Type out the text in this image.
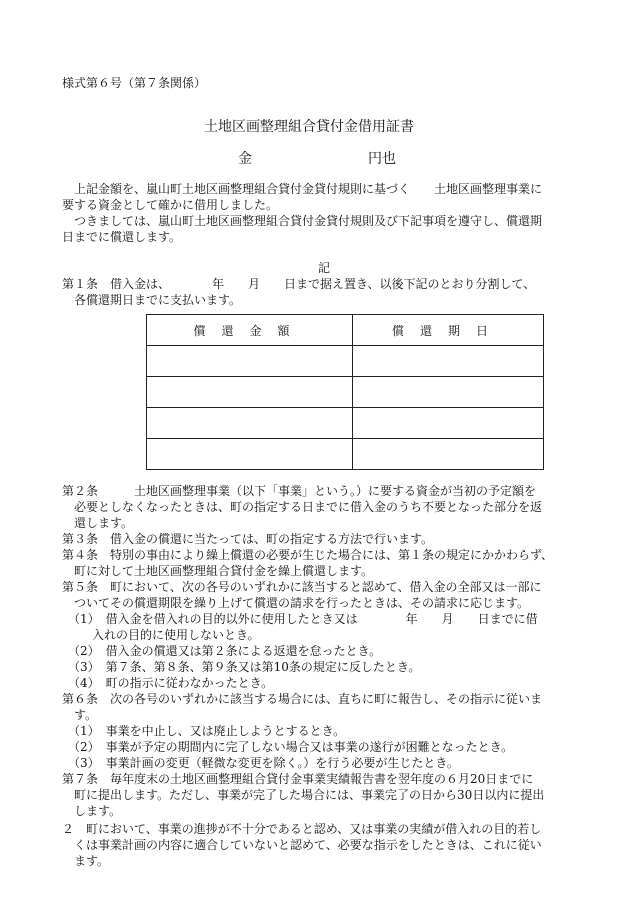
様式第６号（第７条関係）
土地区画整理組合貸付金借用証書
金	円也
　上記金額を、嵐山町土地区画整理組合貸付金貸付規則に基づく　　土地区画整理事業に
要する資金として確かに借用しました。
　つきましては、嵐山町土地区画整理組合貸付金貸付規則及び下記事項を遵守し、償還期
日までに償還します。
記
第１条　借入金は、　　　　年　　月　　日まで据え置き、以後下記のとおり分割して、
　各償還期日までに支払います。
償還金額	償還期日

第２条　　　土地区画整理事業（以下「事業」という。）に要する資金が当初の予定額を
　必要としなくなったときは、町の指定する日までに借入金のうち不要となった部分を返
　還します。
第３条　借入金の償還に当たっては、町の指定する方法で行います。
第４条　特別の事由により繰上償還の必要が生じた場合には、第１条の規定にかかわらず、
　町に対して土地区画整理組合貸付金を繰上償還します。
第５条　町において、次の各号のいずれかに該当すると認めて、借入金の全部又は一部に
　ついてその償還期限を繰り上げて償還の請求を行ったときは、その請求に応じます。
（1）　借入金を借入れの目的以外に使用したとき又は　　　　年　　月　　日までに借
　　入れの目的に使用しないとき。
（2）　借入金の償還又は第２条による返還を怠ったとき。
（3）　第７条、第８条、第９条又は第10条の規定に反したとき。
（4）　町の指示に従わなかったとき。
第６条　次の各号のいずれかに該当する場合には、直ちに町に報告し、その指示に従いま
　す。
（1）　事業を中止し、又は廃止しようとするとき。
（2）　事業が予定の期間内に完了しない場合又は事業の遂行が困難となったとき。
（3）　事業計画の変更（軽微な変更を除く。）を行う必要が生じたとき。
第７条　毎年度末の土地区画整理組合貸付金事業実績報告書を翌年度の６月20日までに
　町に提出します。ただし、事業が完了した場合には、事業完了の日から30日以内に提出
　します。
２　町において、事業の進捗が不十分であると認め、又は事業の実績が借入れの目的若し
　くは事業計画の内容に適合していないと認めて、必要な指示をしたときは、これに従い
　ます。
